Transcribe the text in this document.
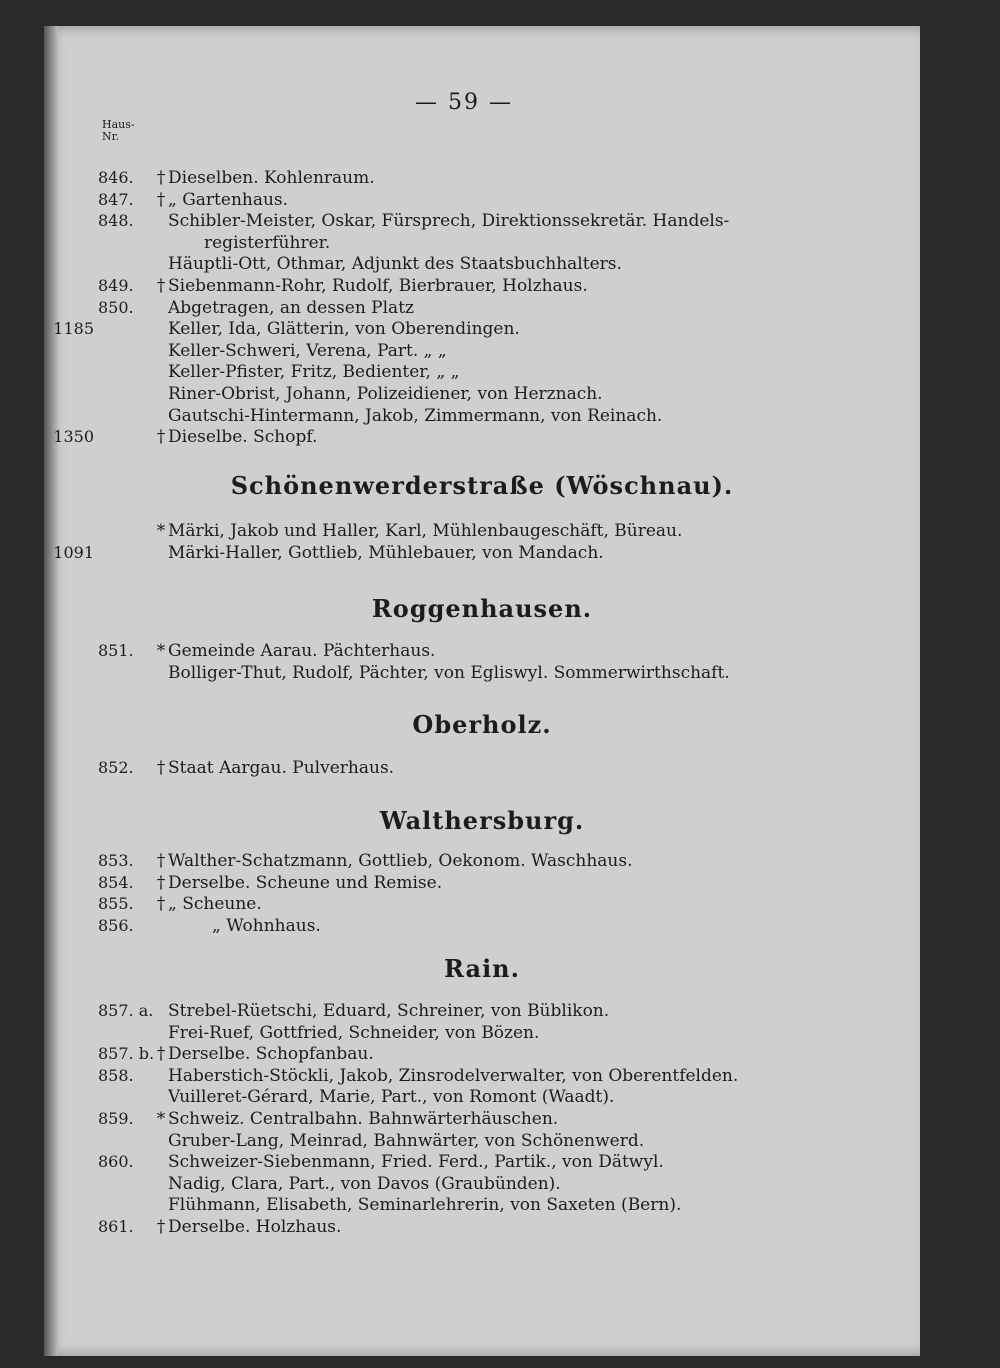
— 59 —
Haus-Nr.
846.	† Dieselben. Kohlenraum.
847.	† „ Gartenhaus.
848.	Schibler-Meister, Oskar, Fürsprech, Direktionssekretär. Handels-
registerführer.
Häuptli-Ott, Othmar, Adjunkt des Staatsbuchhalters.
849.	† Siebenmann-Rohr, Rudolf, Bierbrauer, Holzhaus.
850.	Abgetragen, an dessen Platz
1185	Keller, Ida, Glätterin, von Oberendingen.
Keller-Schweri, Verena, Part. „ „
Keller-Pfister, Fritz, Bedienter, „ „
Riner-Obrist, Johann, Polizeidiener, von Herznach.
Gautschi-Hintermann, Jakob, Zimmermann, von Reinach.
1350	† Dieselbe. Schopf.
Schönenwerderstraße (Wöschnau).
* Märki, Jakob und Haller, Karl, Mühlenbaugeschäft, Büreau.
1091	Märki-Haller, Gottlieb, Mühlebauer, von Mandach.
Roggenhausen.
851.	* Gemeinde Aarau. Pächterhaus.
Bolliger-Thut, Rudolf, Pächter, von Egliswyl. Sommerwirthschaft.
Oberholz.
852.	† Staat Aargau. Pulverhaus.
Walthersburg.
853.	† Walther-Schatzmann, Gottlieb, Oekonom. Waschhaus.
854.	† Derselbe. Scheune und Remise.
855.	† „ Scheune.
856.	„ Wohnhaus.
Rain.
857. a. Strebel-Rüetschi, Eduard, Schreiner, von Büblikon.
Frei-Ruef, Gottfried, Schneider, von Bözen.
857. b. † Derselbe. Schopfanbau.
858.	Haberstich-Stöckli, Jakob, Zinsrodelverwalter, von Oberentfelden.
Vuilleret-Gérard, Marie, Part., von Romont (Waadt).
859.	* Schweiz. Centralbahn. Bahnwärterhäuschen.
Gruber-Lang, Meinrad, Bahnwärter, von Schönenwerd.
860.	Schweizer-Siebenmann, Fried. Ferd., Partik., von Dätwyl.
Nadig, Clara, Part., von Davos (Graubünden).
Flühmann, Elisabeth, Seminarlehrerin, von Saxeten (Bern).
861.	† Derselbe. Holzhaus.
